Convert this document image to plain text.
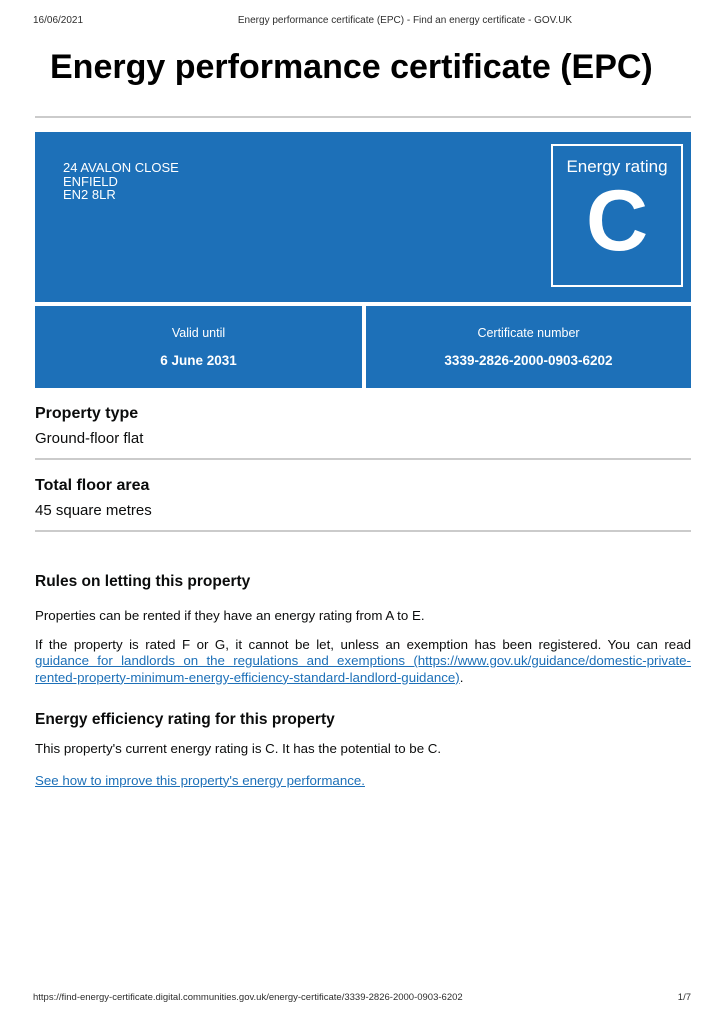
16/06/2021	Energy performance certificate (EPC) - Find an energy certificate - GOV.UK
Energy performance certificate (EPC)
24 AVALON CLOSE
ENFIELD
EN2 8LR
Energy rating
C
Valid until
6 June 2031
Certificate number
3339-2826-2000-0903-6202
Property type
Ground-floor flat
Total floor area
45 square metres
Rules on letting this property

Properties can be rented if they have an energy rating from A to E.

If the property is rated F or G, it cannot be let, unless an exemption has been registered. You can read guidance for landlords on the regulations and exemptions (https://www.gov.uk/guidance/domestic-private-rented-property-minimum-energy-efficiency-standard-landlord-guidance).

Energy efficiency rating for this property

This property's current energy rating is C. It has the potential to be C.

See how to improve this property's energy performance.

https://find-energy-certificate.digital.communities.gov.uk/energy-certificate/3339-2826-2000-0903-6202	1/7
